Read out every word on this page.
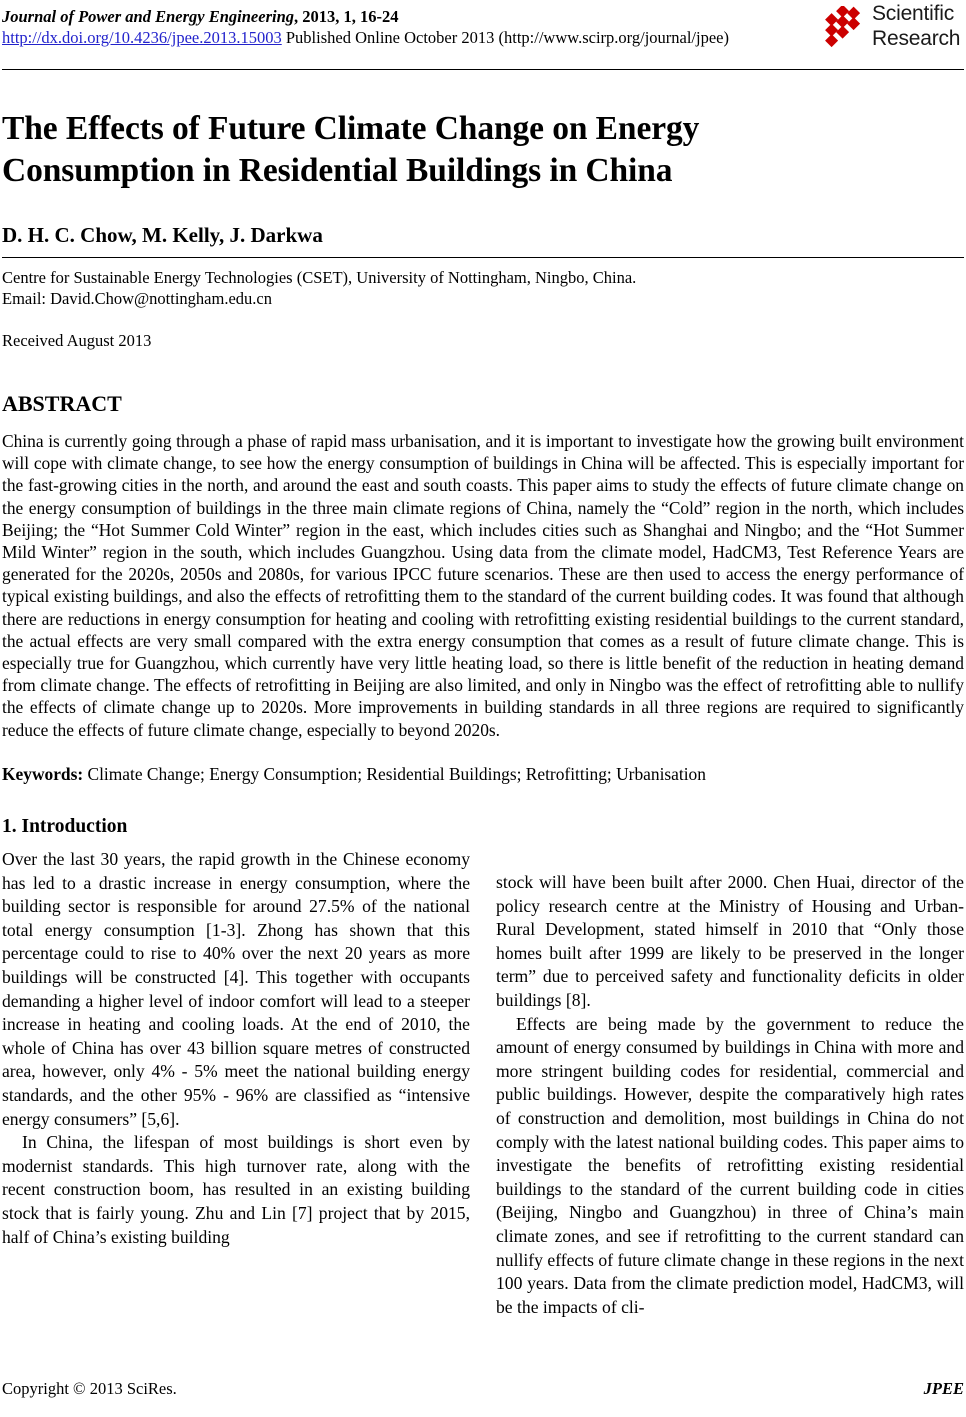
Journal of Power and Energy Engineering, 2013, 1, 16-24
http://dx.doi.org/10.4236/jpee.2013.15003 Published Online October 2013 (http://www.scirp.org/journal/jpee)
Scientific
Research
The Effects of Future Climate Change on Energy Consumption in Residential Buildings in China
D. H. C. Chow, M. Kelly, J. Darkwa
Centre for Sustainable Energy Technologies (CSET), University of Nottingham, Ningbo, China.
Email: David.Chow@nottingham.edu.cn
Received August 2013
ABSTRACT
China is currently going through a phase of rapid mass urbanisation, and it is important to investigate how the growing built environment will cope with climate change, to see how the energy consumption of buildings in China will be affected. This is especially important for the fast-growing cities in the north, and around the east and south coasts. This paper aims to study the effects of future climate change on the energy consumption of buildings in the three main climate regions of China, namely the “Cold” region in the north, which includes Beijing; the “Hot Summer Cold Winter” region in the east, which includes cities such as Shanghai and Ningbo; and the “Hot Summer Mild Winter” region in the south, which includes Guangzhou. Using data from the climate model, HadCM3, Test Reference Years are generated for the 2020s, 2050s and 2080s, for various IPCC future scenarios. These are then used to access the energy performance of typical existing buildings, and also the effects of retrofitting them to the standard of the current building codes. It was found that although there are reductions in energy consumption for heating and cooling with retrofitting existing residential buildings to the current standard, the actual effects are very small compared with the extra energy consumption that comes as a result of future climate change. This is especially true for Guangzhou, which currently have very little heating load, so there is little benefit of the reduction in heating demand from climate change. The effects of retrofitting in Beijing are also limited, and only in Ningbo was the effect of retrofitting able to nullify the effects of climate change up to 2020s. More improvements in building standards in all three regions are required to significantly reduce the effects of future climate change, especially to beyond 2020s.
Keywords: Climate Change; Energy Consumption; Residential Buildings; Retrofitting; Urbanisation
1. Introduction

Over the last 30 years, the rapid growth in the Chinese economy has led to a drastic increase in energy consumption, where the building sector is responsible for around 27.5% of the national total energy consumption [1-3]. Zhong has shown that this percentage could to rise to 40% over the next 20 years as more buildings will be constructed [4]. This together with occupants demanding a higher level of indoor comfort will lead to a steeper increase in heating and cooling loads. At the end of 2010, the whole of China has over 43 billion square metres of constructed area, however, only 4% - 5% meet the national building energy standards, and the other 95% - 96% are classified as “intensive energy consumers” [5,6].

In China, the lifespan of most buildings is short even by modernist standards. This high turnover rate, along with the recent construction boom, has resulted in an existing building stock that is fairly young. Zhu and Lin [7] project that by 2015, half of China’s existing building

stock will have been built after 2000. Chen Huai, director of the policy research centre at the Ministry of Housing and Urban-Rural Development, stated himself in 2010 that “Only those homes built after 1999 are likely to be preserved in the longer term” due to perceived safety and functionality deficits in older buildings [8].

Effects are being made by the government to reduce the amount of energy consumed by buildings in China with more and more stringent building codes for residential, commercial and public buildings. However, despite the comparatively high rates of construction and demolition, most buildings in China do not comply with the latest national building codes. This paper aims to investigate the benefits of retrofitting existing residential buildings to the standard of the current building code in cities (Beijing, Ningbo and Guangzhou) in three of China’s main climate zones, and see if retrofitting to the current standard can nullify effects of future climate change in these regions in the next 100 years. Data from the climate prediction model, HadCM3, will be the impacts of cli-

Copyright © 2013 SciRes.	JPEE
